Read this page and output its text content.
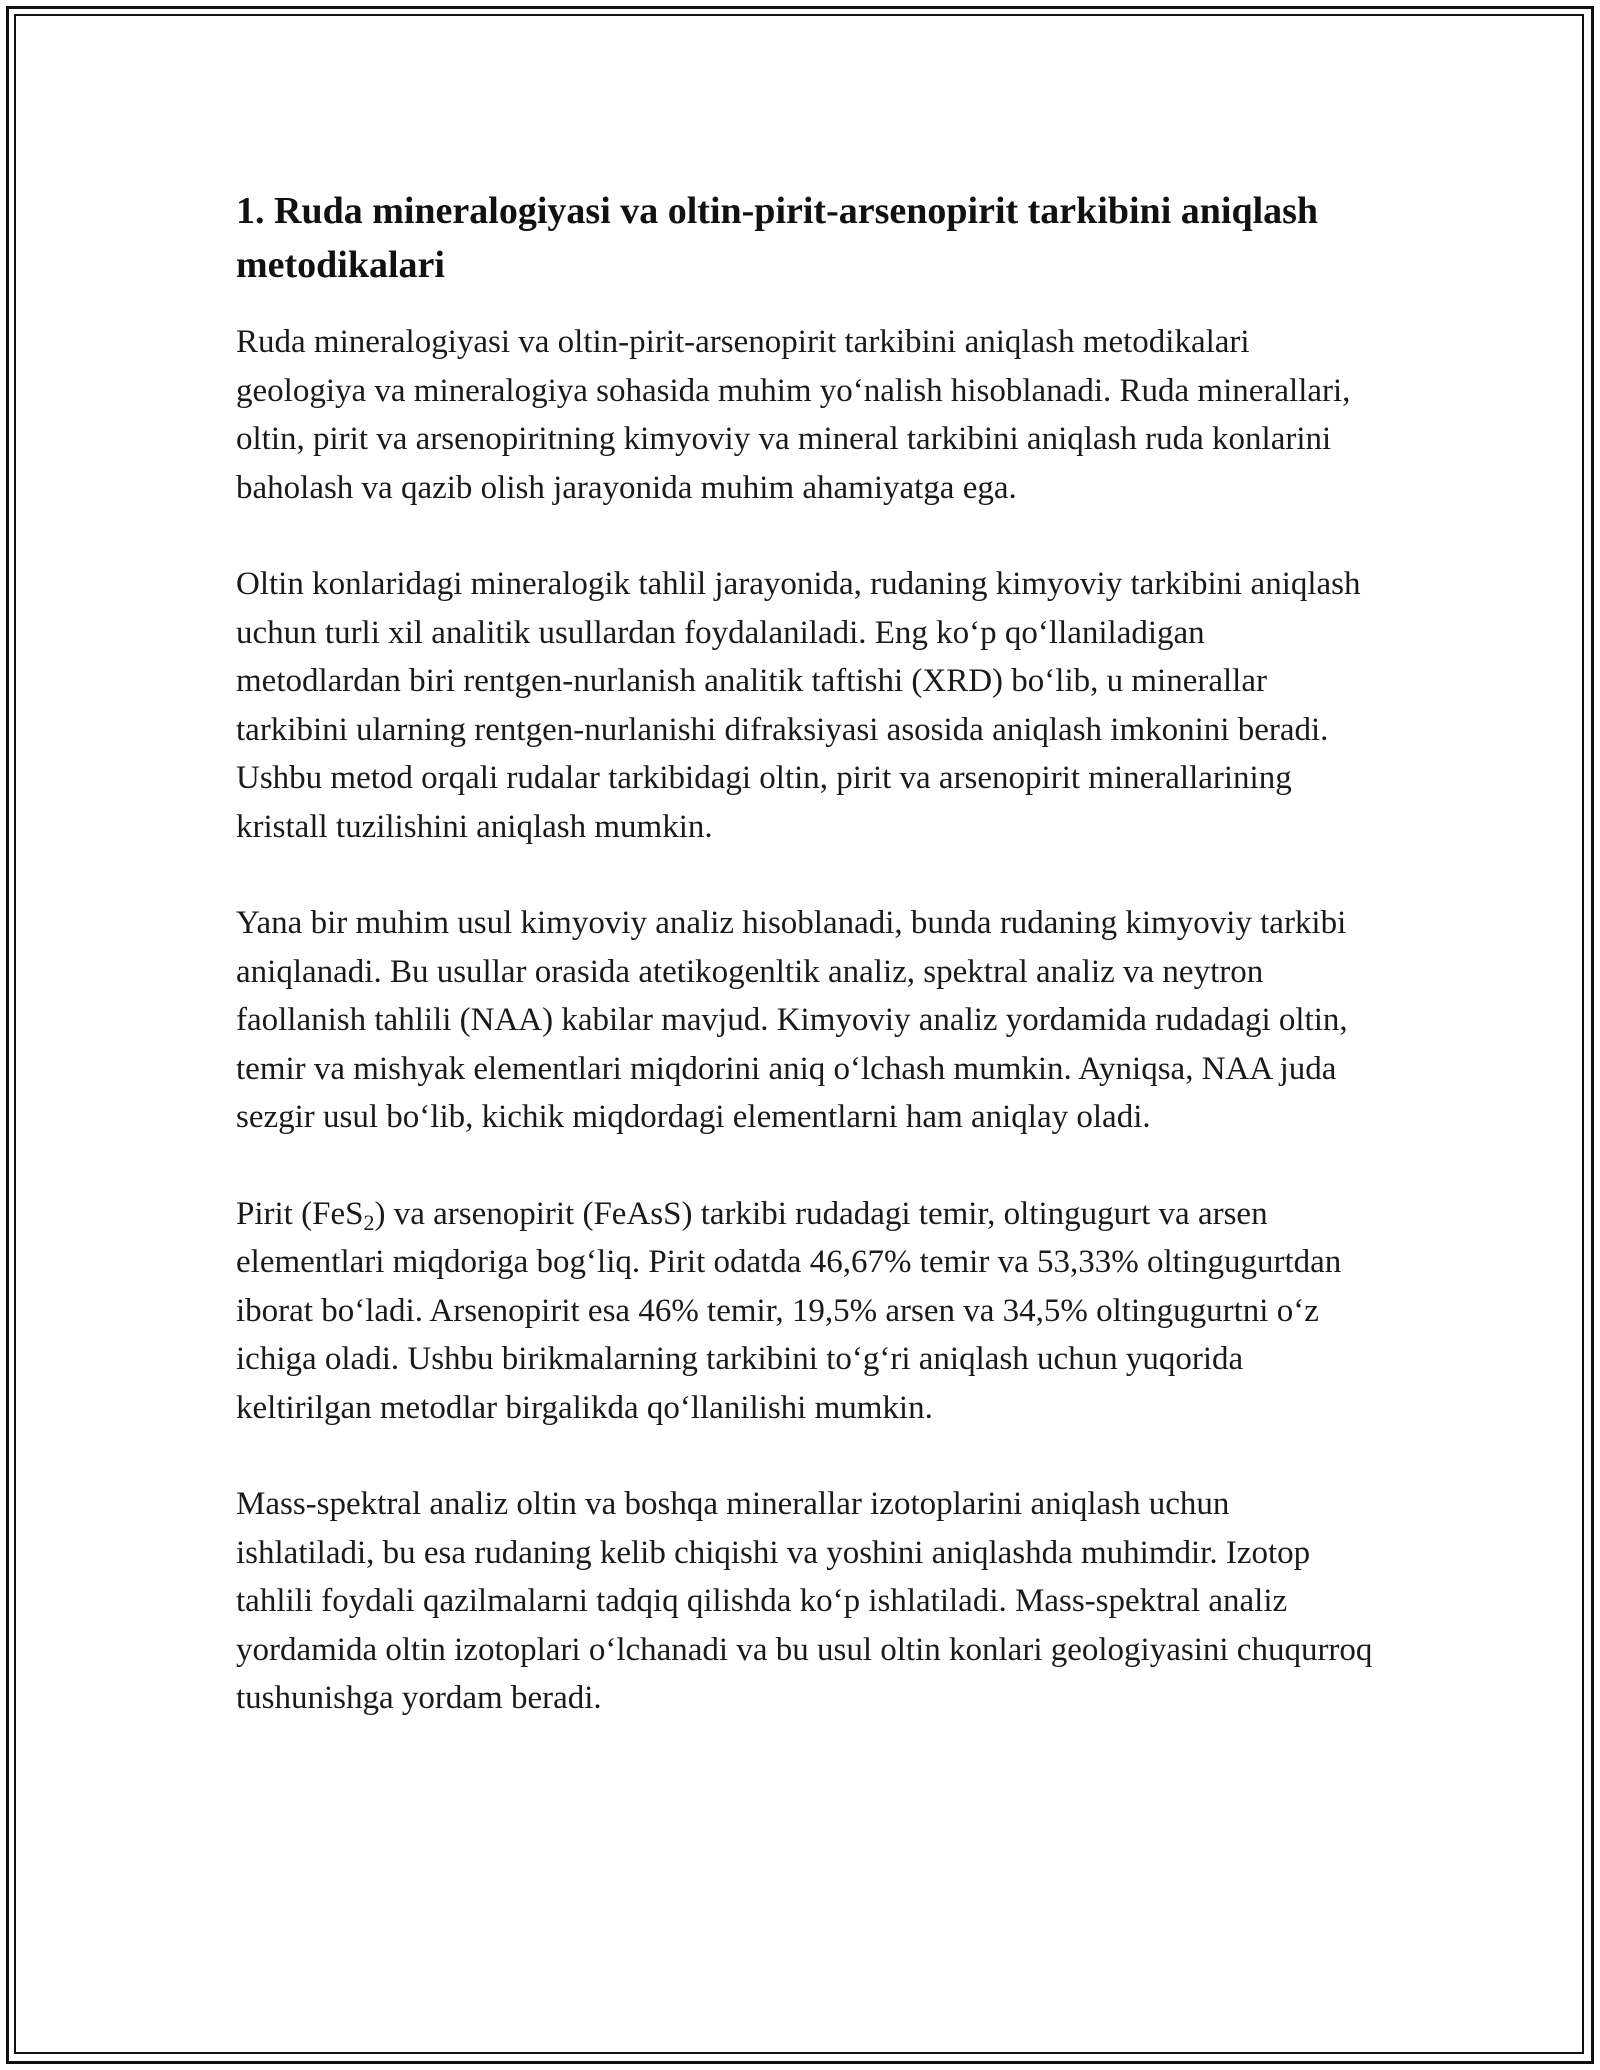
1. Ruda mineralogiyasi va oltin-pirit-arsenopirit tarkibini aniqlash metodikalari

Ruda mineralogiyasi va oltin-pirit-arsenopirit tarkibini aniqlash metodikalari geologiya va mineralogiya sohasida muhim yo‘nalish hisoblanadi. Ruda minerallari, oltin, pirit va arsenopiritning kimyoviy va mineral tarkibini aniqlash ruda konlarini baholash va qazib olish jarayonida muhim ahamiyatga ega.

Oltin konlaridagi mineralogik tahlil jarayonida, rudaning kimyoviy tarkibini aniqlash uchun turli xil analitik usullardan foydalaniladi. Eng ko‘p qo‘llaniladigan metodlardan biri rentgen-nurlanish analitik taftishi (XRD) bo‘lib, u minerallar tarkibini ularning rentgen-nurlanishi difraksiyasi asosida aniqlash imkonini beradi. Ushbu metod orqali rudalar tarkibidagi oltin, pirit va arsenopirit minerallarining kristall tuzilishini aniqlash mumkin.

Yana bir muhim usul kimyoviy analiz hisoblanadi, bunda rudaning kimyoviy tarkibi aniqlanadi. Bu usullar orasida atetikogenltik analiz, spektral analiz va neytron faollanish tahlili (NAA) kabilar mavjud. Kimyoviy analiz yordamida rudadagi oltin, temir va mishyak elementlari miqdorini aniq o‘lchash mumkin. Ayniqsa, NAA juda sezgir usul bo‘lib, kichik miqdordagi elementlarni ham aniqlay oladi.

Pirit (FeS$_2$) va arsenopirit (FeAsS) tarkibi rudadagi temir, oltingugurt va arsen elementlari miqdoriga bog‘liq. Pirit odatda 46,67% temir va 53,33% oltingugurtdan iborat bo‘ladi. Arsenopirit esa 46% temir, 19,5% arsen va 34,5% oltingugurtni o‘z ichiga oladi. Ushbu birikmalarning tarkibini to‘g‘ri aniqlash uchun yuqorida keltirilgan metodlar birgalikda qo‘llanilishi mumkin.

Mass-spektral analiz oltin va boshqa minerallar izotoplarini aniqlash uchun ishlatiladi, bu esa rudaning kelib chiqishi va yoshini aniqlashda muhimdir. Izotop tahlili foydali qazilmalarni tadqiq qilishda ko‘p ishlatiladi. Mass-spektral analiz yordamida oltin izotoplari o‘lchanadi va bu usul oltin konlari geologiyasini chuqurroq tushunishga yordam beradi.
